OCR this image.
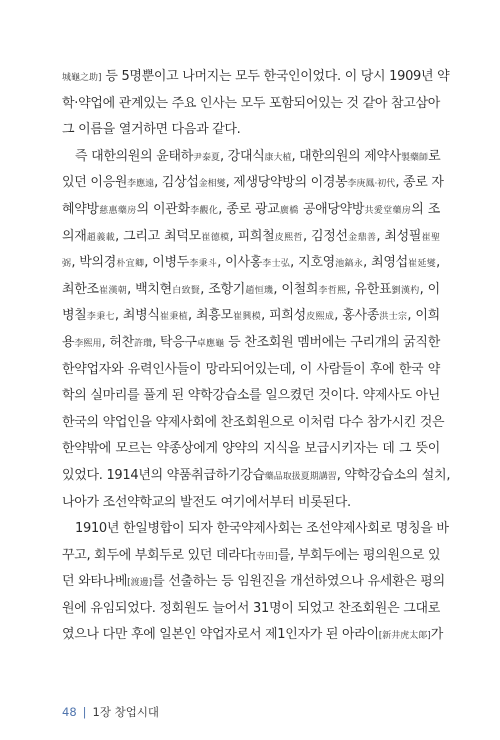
城龜之助] 등 5명뿐이고 나머지는 모두 한국인이었다. 이 당시 1909년 약
학·약업에 관계있는 주요 인사는 모두 포함되어있는 것 같아 참고삼아
그 이름을 열거하면 다음과 같다.
즉 대한의원의 윤태하尹泰夏, 강대식康大植, 대한의원의 제약사製藥師로
있던 이응원李應遠, 김상섭金相燮, 제생당약방의 이경봉李庚鳳·初代, 종로 자
혜약방慈惠藥房의 이관화李觀化, 종로 광교廣橋 공애당약방共愛堂藥房의 조
의재趙義載, 그리고 최덕모崔德模, 피희철皮熙哲, 김정선金鼎善, 최성필崔聖
弼, 박의경朴宜卿, 이병두李秉斗, 이사홍李士弘, 지호영池鎬永, 최영섭崔延燮,
최한조崔漢朝, 백치현白致賢, 조항기趙恒璣, 이철희李哲熙, 유한표劉漢杓, 이
병칠李秉七, 최병식崔秉植, 최흥모崔興模, 피희성皮熙成, 홍사종洪士宗, 이희
용李熙用, 허찬許瓚, 탁응구卓應龜 등 찬조회원 멤버에는 구리개의 굵직한
한약업자와 유력인사들이 망라되어있는데, 이 사람들이 후에 한국 약
학의 실마리를 풀게 된 약학강습소를 일으켰던 것이다. 약제사도 아닌
한국의 약업인을 약제사회에 찬조회원으로 이처럼 다수 참가시킨 것은
한약밖에 모르는 약종상에게 양약의 지식을 보급시키자는 데 그 뜻이
있었다. 1914년의 약품취급하기강습藥品取扱夏期講習, 약학강습소의 설치,
나아가 조선약학교의 발전도 여기에서부터 비롯된다.
1910년 한일병합이 되자 한국약제사회는 조선약제사회로 명칭을 바
꾸고, 회두에 부회두로 있던 데라다[寺田]를, 부회두에는 평의원으로 있
던 와타나베[渡邊]를 선출하는 등 임원진을 개선하였으나 유세환은 평의
원에 유임되었다. 정회원도 늘어서 31명이 되었고 찬조회원은 그대로
였으나 다만 후에 일본인 약업자로서 제1인자가 된 아라이[新井虎太郞]가
48 | 1장 창업시대
